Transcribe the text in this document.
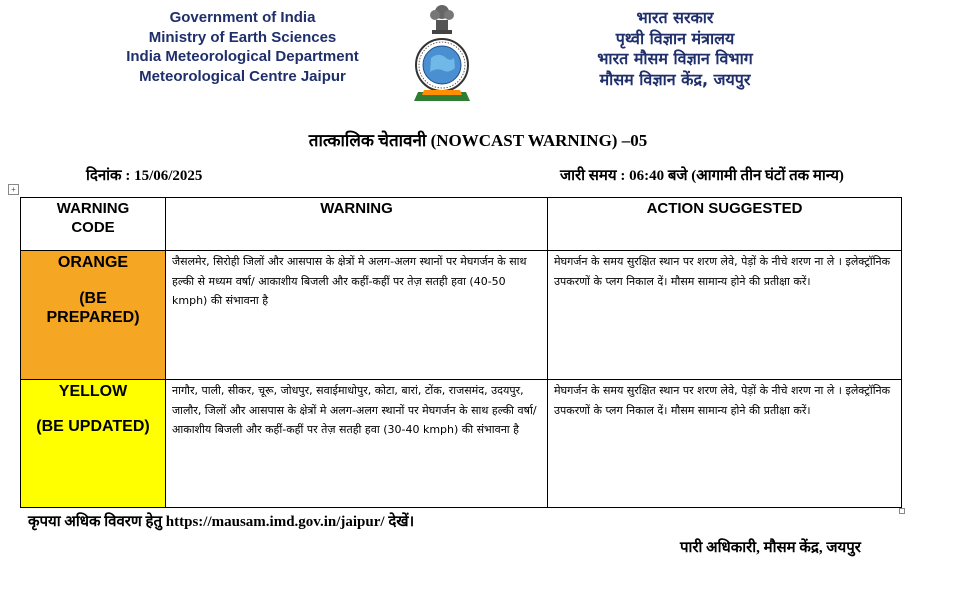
Government of India
Ministry of Earth Sciences
India Meteorological Department
Meteorological Centre Jaipur
भारत सरकार
पृथ्वी विज्ञान मंत्रालय
भारत मौसम विज्ञान विभाग
मौसम विज्ञान केंद्र, जयपुर
तात्कालिक चेतावनी (NOWCAST WARNING) –05
दिनांक : 15/06/2025	जारी समय : 06:40 बजे (आगामी तीन घंटों तक मान्य)
+
WARNING CODE	WARNING	ACTION SUGGESTED

ORANGE
(BE PREPARED)	जैसलमेर, सिरोही जिलों और आसपास के क्षेत्रों मे अलग-अलग स्थानों पर मेघगर्जन के साथ हल्की से मध्यम वर्षा/ आकाशीय बिजली और कहीं-कहीं पर तेज़ सतही हवा (40-50 kmph) की संभावना है	मेघगर्जन के समय सुरक्षित स्थान पर शरण लेवे, पेड़ों के नीचे शरण ना ले । इलेक्ट्रॉनिक उपकरणों के प्लग निकाल दें। मौसम सामान्य होने की प्रतीक्षा करें।

YELLOW
(BE UPDATED)	नागौर, पाली, सीकर, चूरू, जोधपुर, सवाईमाधोपुर, कोटा, बारां, टोंक, राजसमंद, उदयपुर, जालौर, जिलों और आसपास के क्षेत्रों मे अलग-अलग स्थानों पर मेघगर्जन के साथ हल्की वर्षा/ आकाशीय बिजली और कहीं-कहीं पर तेज़ सतही हवा (30-40 kmph) की संभावना है	मेघगर्जन के समय सुरक्षित स्थान पर शरण लेवे, पेड़ों के नीचे शरण ना ले । इलेक्ट्रॉनिक उपकरणों के प्लग निकाल दें। मौसम सामान्य होने की प्रतीक्षा करें।
कृपया अधिक विवरण हेतु https://mausam.imd.gov.in/jaipur/ देखें।
पारी अधिकारी, मौसम केंद्र, जयपुर
